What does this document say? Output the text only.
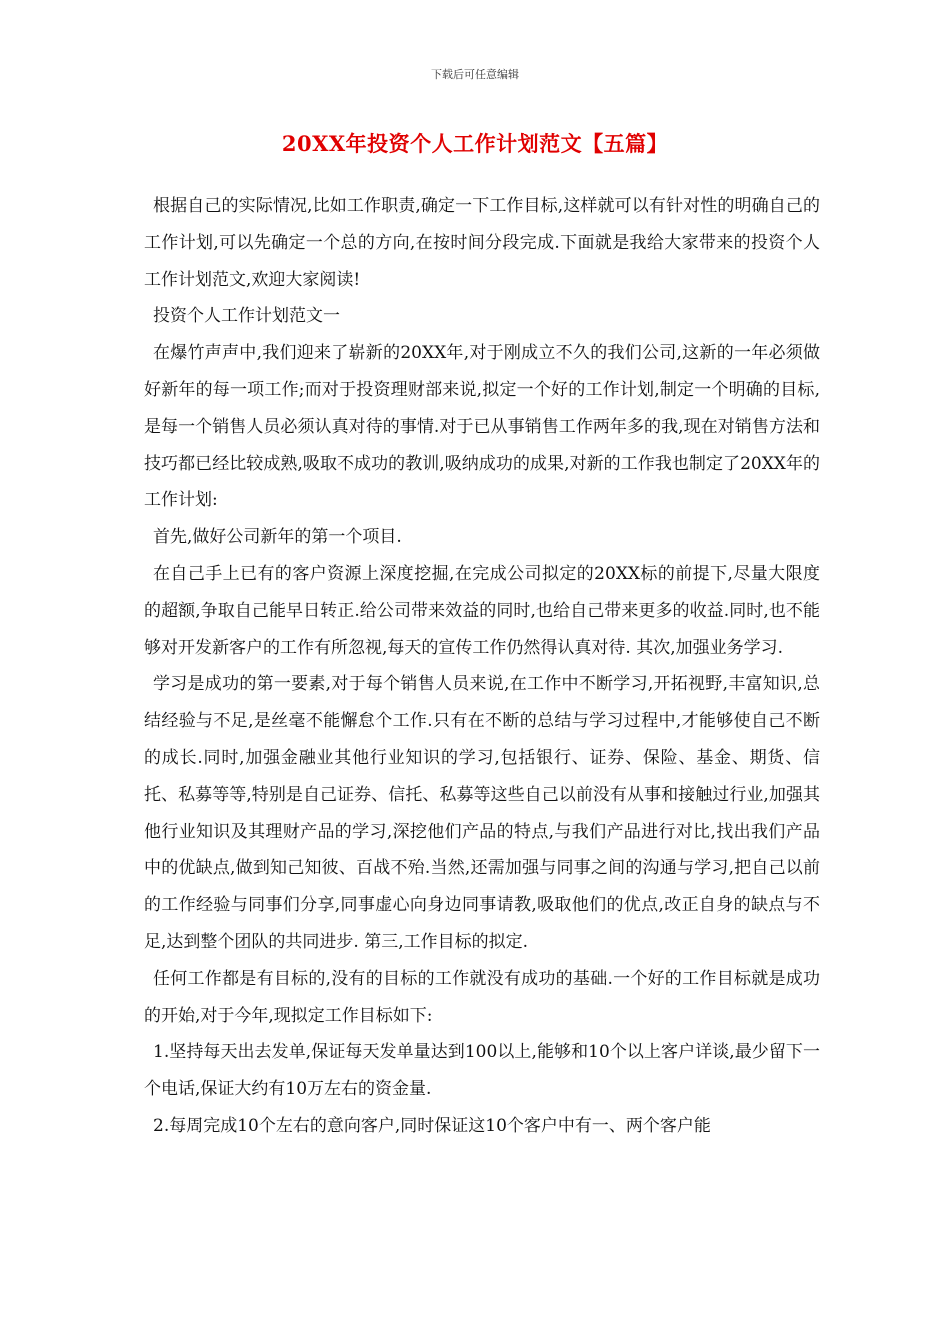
下载后可任意编辑
20XX年投资个人工作计划范文【五篇】

根据自己的实际情况,比如工作职责,确定一下工作目标,这样就可以有针对性的明确自己的工作计划,可以先确定一个总的方向,在按时间分段完成.下面就是我给大家带来的投资个人工作计划范文,欢迎大家阅读!

投资个人工作计划范文一

在爆竹声声中,我们迎来了崭新的20XX年,对于刚成立不久的我们公司,这新的一年必须做好新年的每一项工作;而对于投资理财部来说,拟定一个好的工作计划,制定一个明确的目标,是每一个销售人员必须认真对待的事情.对于已从事销售工作两年多的我,现在对销售方法和技巧都已经比较成熟,吸取不成功的教训,吸纳成功的成果,对新的工作我也制定了20XX年的工作计划:

首先,做好公司新年的第一个项目.

在自己手上已有的客户资源上深度挖掘,在完成公司拟定的20XX标的前提下,尽量大限度的超额,争取自己能早日转正.给公司带来效益的同时,也给自己带来更多的收益.同时,也不能够对开发新客户的工作有所忽视,每天的宣传工作仍然得认真对待. 其次,加强业务学习.

学习是成功的第一要素,对于每个销售人员来说,在工作中不断学习,开拓视野,丰富知识,总结经验与不足,是丝毫不能懈怠个工作.只有在不断的总结与学习过程中,才能够使自己不断的成长.同时,加强金融业其他行业知识的学习,包括银行、证券、保险、基金、期货、信托、私募等等,特别是自己证券、信托、私募等这些自己以前没有从事和接触过行业,加强其他行业知识及其理财产品的学习,深挖他们产品的特点,与我们产品进行对比,找出我们产品中的优缺点,做到知己知彼、百战不殆.当然,还需加强与同事之间的沟通与学习,把自己以前的工作经验与同事们分享,同事虚心向身边同事请教,吸取他们的优点,改正自身的缺点与不足,达到整个团队的共同进步. 第三,工作目标的拟定.

任何工作都是有目标的,没有的目标的工作就没有成功的基础.一个好的工作目标就是成功的开始,对于今年,现拟定工作目标如下:

1.坚持每天出去发单,保证每天发单量达到100以上,能够和10个以上客户详谈,最少留下一个电话,保证大约有10万左右的资金量.

2.每周完成10个左右的意向客户,同时保证这10个客户中有一、两个客户能
